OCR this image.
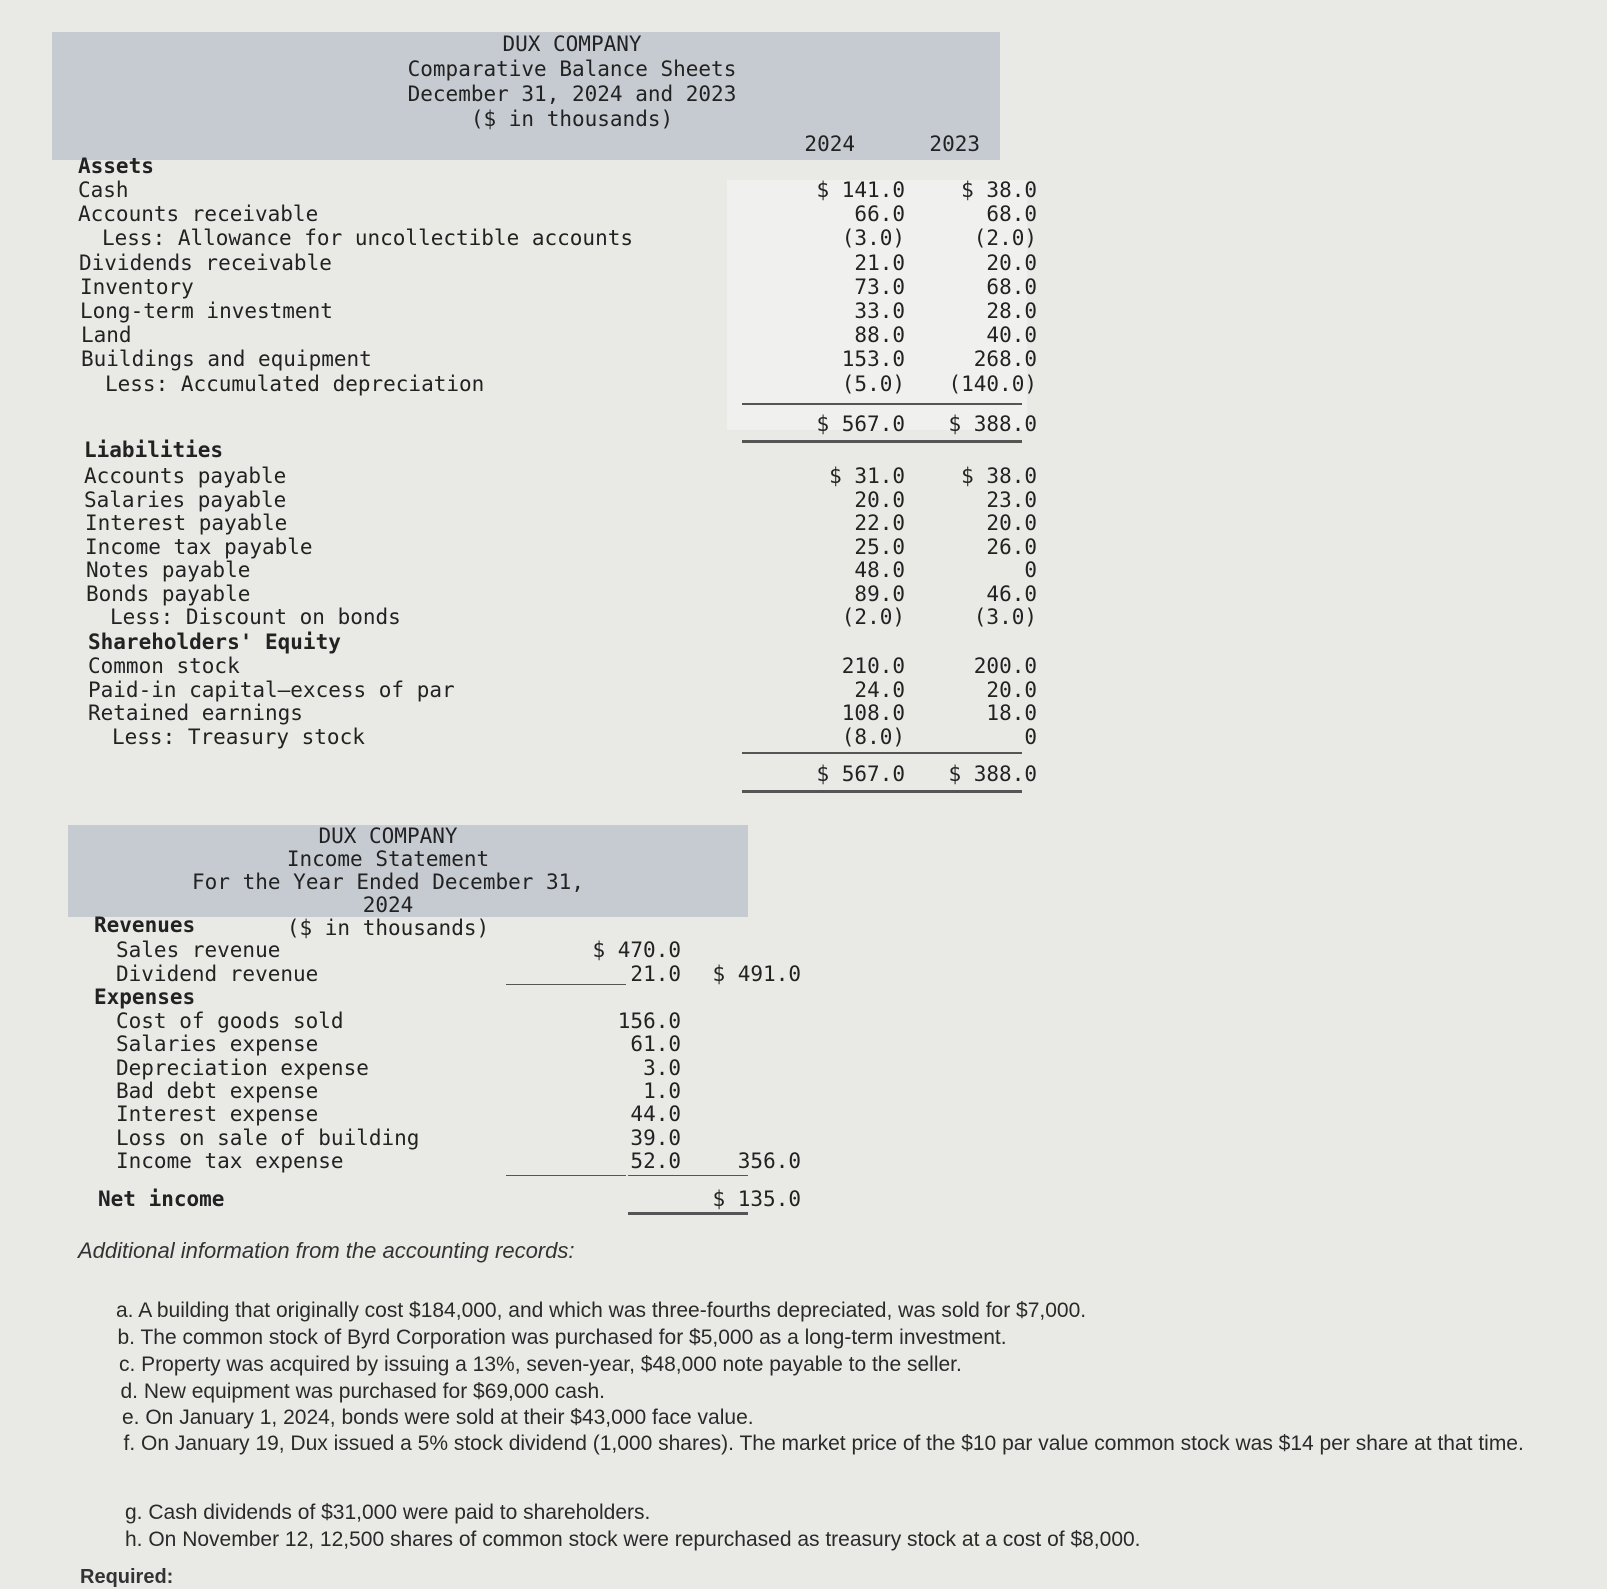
DUX COMPANY
Comparative Balance Sheets
December 31, 2024 and 2023
($ in thousands)
2024	2023
Assets
Cash	$ 141.0	$ 38.0
Accounts receivable	66.0	68.0
Less: Allowance for uncollectible accounts	(3.0)	(2.0)
Dividends receivable	21.0	20.0
Inventory	73.0	68.0
Long-term investment	33.0	28.0
Land	88.0	40.0
Buildings and equipment	153.0	268.0
Less: Accumulated depreciation	(5.0)	(140.0)
$ 567.0	$ 388.0
Liabilities
Accounts payable	$ 31.0	$ 38.0
Salaries payable	20.0	23.0
Interest payable	22.0	20.0
Income tax payable	25.0	26.0
Notes payable	48.0	0
Bonds payable	89.0	46.0
Less: Discount on bonds	(2.0)	(3.0)
Shareholders' Equity
Common stock	210.0	200.0
Paid-in capital—excess of par	24.0	20.0
Retained earnings	108.0	18.0
Less: Treasury stock	(8.0)	0
$ 567.0	$ 388.0
DUX COMPANY
Income Statement
For the Year Ended December 31, 2024
($ in thousands)
Revenues
Sales revenue	$ 470.0
Dividend revenue	21.0	$ 491.0
Expenses
Cost of goods sold	156.0
Salaries expense	61.0
Depreciation expense	3.0
Bad debt expense	1.0
Interest expense	44.0
Loss on sale of building	39.0
Income tax expense	52.0	356.0
Net income	$ 135.0
Additional information from the accounting records:
a. A building that originally cost $184,000, and which was three-fourths depreciated, was sold for $7,000.
b. The common stock of Byrd Corporation was purchased for $5,000 as a long-term investment.
c. Property was acquired by issuing a 13%, seven-year, $48,000 note payable to the seller.
d. New equipment was purchased for $69,000 cash.
e. On January 1, 2024, bonds were sold at their $43,000 face value.
f. On January 19, Dux issued a 5% stock dividend (1,000 shares). The market price of the $10 par value common stock was $14 per share at that time.
g. Cash dividends of $31,000 were paid to shareholders.
h. On November 12, 12,500 shares of common stock were repurchased as treasury stock at a cost of $8,000.
Required:
